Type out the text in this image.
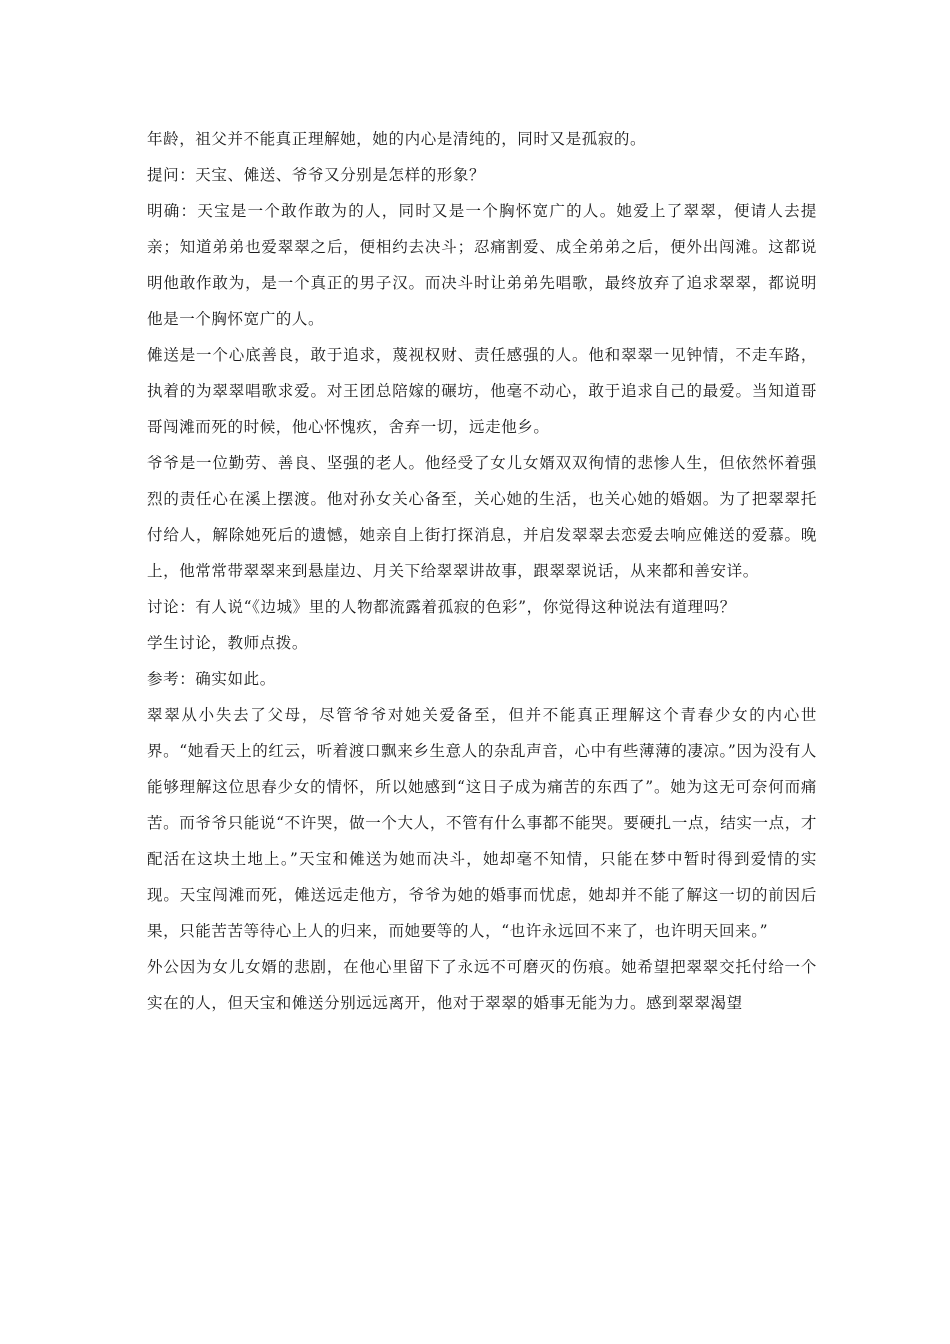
年龄，祖父并不能真正理解她，她的内心是清纯的，同时又是孤寂的。

提问：天宝、傩送、爷爷又分别是怎样的形象？

明确：天宝是一个敢作敢为的人，同时又是一个胸怀宽广的人。她爱上了翠翠，便请人去提亲；知道弟弟也爱翠翠之后，便相约去决斗；忍痛割爱、成全弟弟之后，便外出闯滩。这都说明他敢作敢为，是一个真正的男子汉。而决斗时让弟弟先唱歌，最终放弃了追求翠翠，都说明他是一个胸怀宽广的人。

傩送是一个心底善良，敢于追求，蔑视权财、责任感强的人。他和翠翠一见钟情，不走车路，执着的为翠翠唱歌求爱。对王团总陪嫁的碾坊，他毫不动心，敢于追求自己的最爱。当知道哥哥闯滩而死的时候，他心怀愧疚，舍弃一切，远走他乡。

爷爷是一位勤劳、善良、坚强的老人。他经受了女儿女婿双双徇情的悲惨人生，但依然怀着强烈的责任心在溪上摆渡。他对孙女关心备至，关心她的生活，也关心她的婚姻。为了把翠翠托付给人，解除她死后的遗憾，她亲自上街打探消息，并启发翠翠去恋爱去响应傩送的爱慕。晚上，他常常带翠翠来到悬崖边、月关下给翠翠讲故事，跟翠翠说话，从来都和善安详。

讨论：有人说“《边城》里的人物都流露着孤寂的色彩”，你觉得这种说法有道理吗？

学生讨论，教师点拨。

参考：确实如此。

翠翠从小失去了父母，尽管爷爷对她关爱备至，但并不能真正理解这个青春少女的内心世界。“她看天上的红云，听着渡口飘来乡生意人的杂乱声音，心中有些薄薄的凄凉。”因为没有人能够理解这位思春少女的情怀，所以她感到“这日子成为痛苦的东西了”。她为这无可奈何而痛苦。而爷爷只能说“不许哭，做一个大人，不管有什么事都不能哭。要硬扎一点，结实一点，才配活在这块土地上。”天宝和傩送为她而决斗，她却毫不知情，只能在梦中暂时得到爱情的实现。天宝闯滩而死，傩送远走他方，爷爷为她的婚事而忧虑，她却并不能了解这一切的前因后果，只能苦苦等待心上人的归来，而她要等的人，“也许永远回不来了，也许明天回来。”

外公因为女儿女婿的悲剧，在他心里留下了永远不可磨灭的伤痕。她希望把翠翠交托付给一个实在的人，但天宝和傩送分别远远离开，他对于翠翠的婚事无能为力。感到翠翠渴望
